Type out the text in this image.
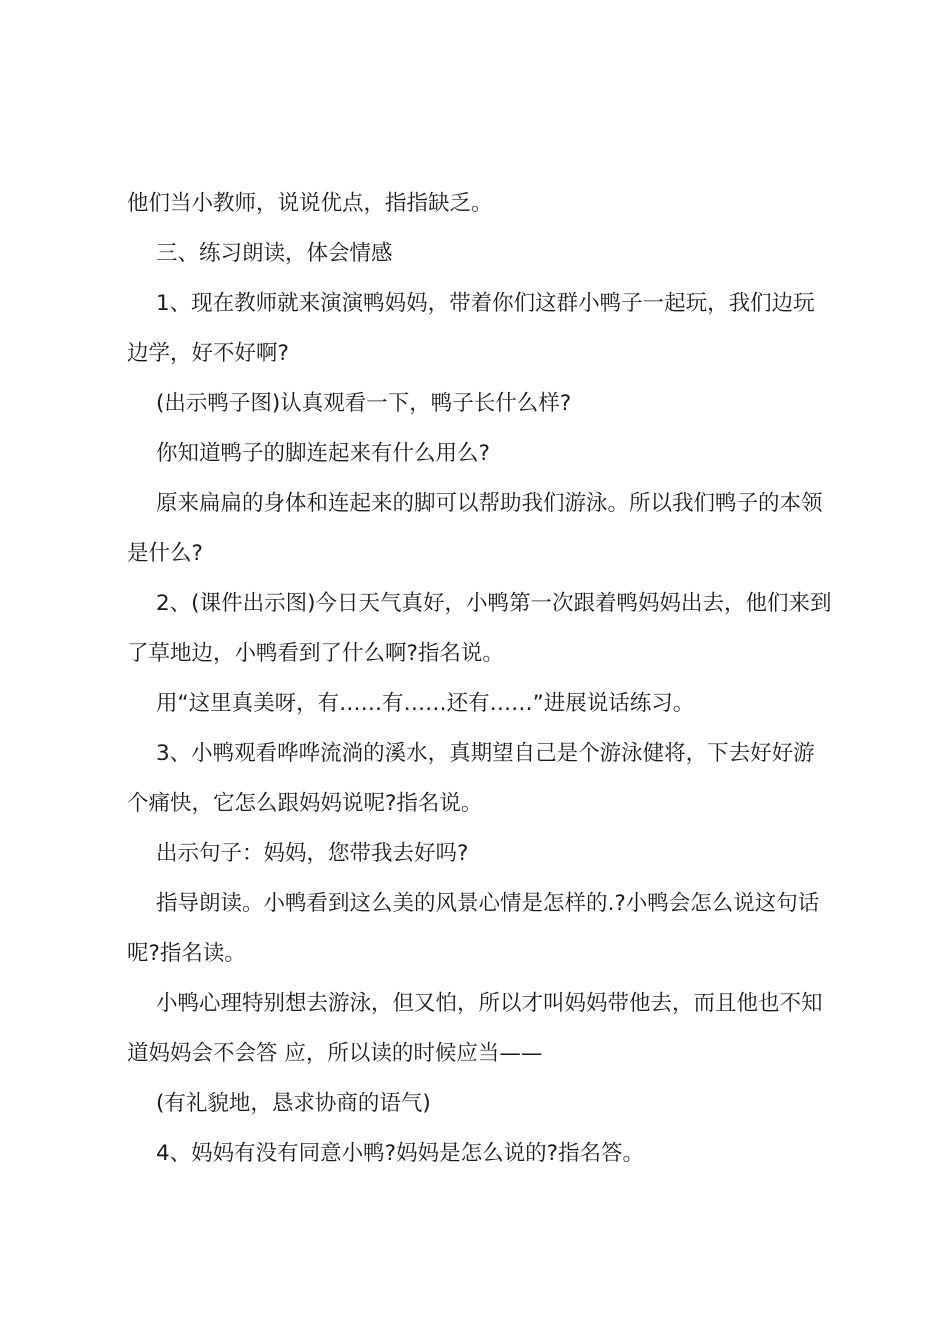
他们当小教师，说说优点，指指缺乏。

三、练习朗读，体会情感

1、现在教师就来演演鸭妈妈，带着你们这群小鸭子一起玩，我们边玩边学，好不好啊?

(出示鸭子图)认真观看一下，鸭子长什么样?

你知道鸭子的脚连起来有什么用么?

原来扁扁的身体和连起来的脚可以帮助我们游泳。所以我们鸭子的本领是什么?

2、(课件出示图)今日天气真好，小鸭第一次跟着鸭妈妈出去，他们来到了草地边，小鸭看到了什么啊?指名说。

用“这里真美呀，有……有……还有……”进展说话练习。

3、小鸭观看哗哗流淌的溪水，真期望自己是个游泳健将，下去好好游个痛快，它怎么跟妈妈说呢?指名说。

出示句子：妈妈，您带我去好吗?

指导朗读。小鸭看到这么美的风景心情是怎样的.?小鸭会怎么说这句话呢?指名读。

小鸭心理特别想去游泳，但又怕，所以才叫妈妈带他去，而且他也不知道妈妈会不会答 应，所以读的时候应当——

(有礼貌地，恳求协商的语气)

4、妈妈有没有同意小鸭?妈妈是怎么说的?指名答。
